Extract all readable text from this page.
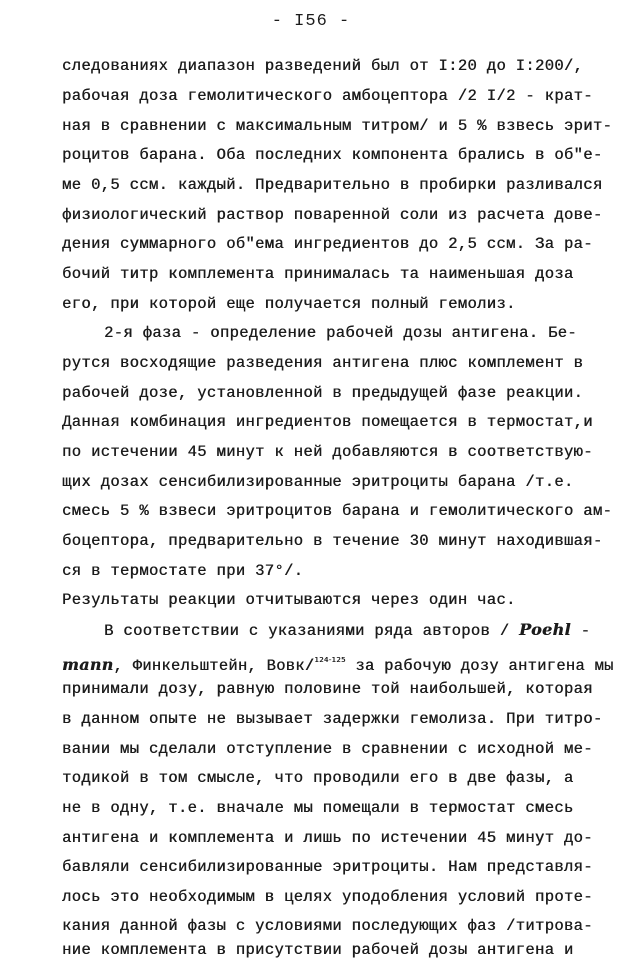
- I56 -
следованиях диапазон разведений был от I:20 до I:200/,
рабочая доза гемолитического амбоцептора /2 I/2 - крат-
ная в сравнении с максимальным титром/ и 5 % взвесь эрит-
роцитов барана. Оба последних компонента брались в об"е-
ме 0,5 ссм. каждый. Предварительно в пробирки разливался
физиологический раствор поваренной соли из расчета дове-
дения суммарного об"ема ингредиентов до 2,5 ссм. За ра-
бочий титр комплемента принималась та наименьшая доза
его, при которой еще получается полный гемолиз.
2-я фаза - определение рабочей дозы антигена. Бе-
рутся восходящие разведения антигена плюс комплемент в
рабочей дозе, установленной в предыдущей фазе реакции.
Данная комбинация ингредиентов помещается в термостат,и
по истечении 45 минут к ней добавляются в соответствую-
щих дозах сенсибилизированные эритроциты барана /т.е.
смесь 5 % взвеси эритроцитов барана и гемолитического ам-
боцептора, предварительно в течение 30 минут находившая-
ся в термостате при 37°/.
Результаты реакции отчитываются через один час.
В соответствии с указаниями ряда авторов / Poehl -
mann, Финкельштейн, Вовк/$^{124-125}$ за рабочую дозу антигена мы
принимали дозу, равную половине той наибольшей, которая
в данном опыте не вызывает задержки гемолиза. При титро-
вании мы сделали отступление в сравнении с исходной ме-
тодикой в том смысле, что проводили его в две фазы, а
не в одну, т.е. вначале мы помещали в термостат смесь
антигена и комплемента и лишь по истечении 45 минут до-
бавляли сенсибилизированные эритроциты. Нам представля-
лось это необходимым в целях уподобления условий проте-
кания данной фазы с условиями последующих фаз /титрова-
ние комплемента в присутствии рабочей дозы антигена и
